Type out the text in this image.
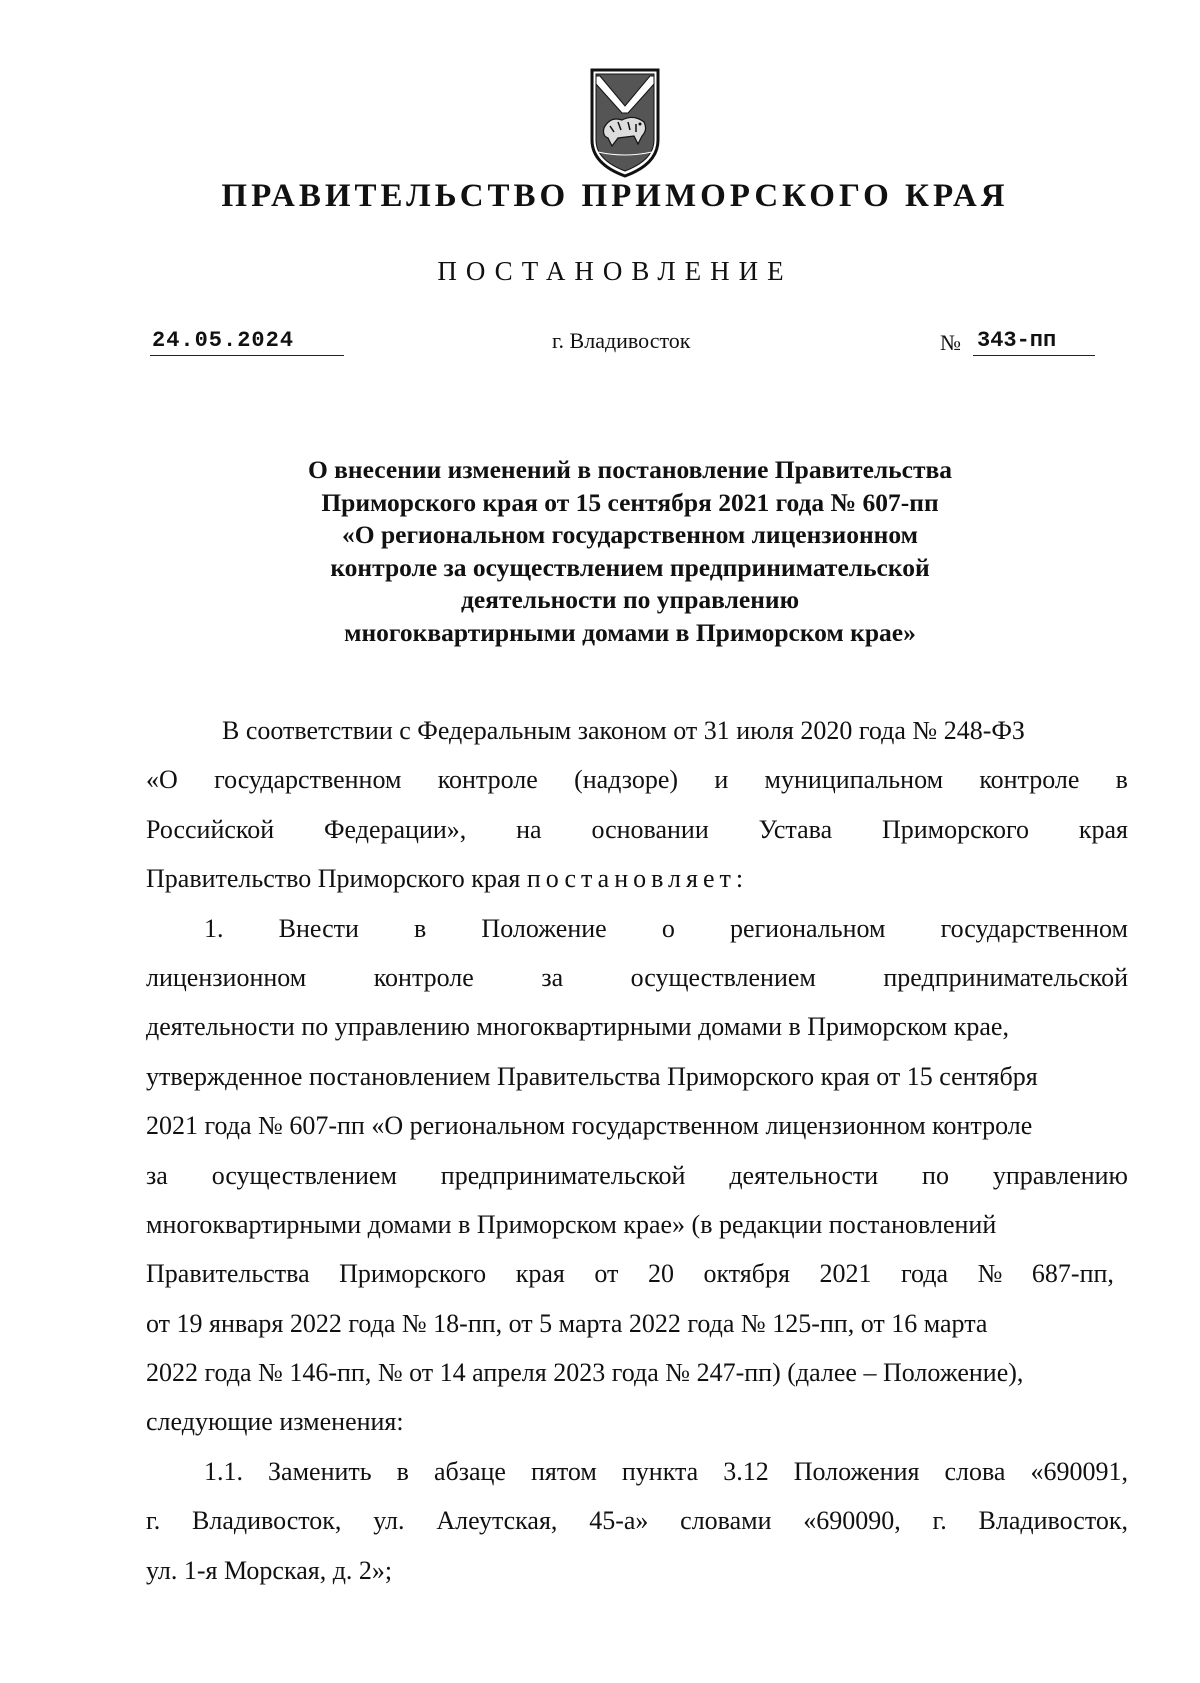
ПРАВИТЕЛЬСТВО ПРИМОРСКОГО КРАЯ
ПОСТАНОВЛЕНИЕ
24.05.2024	г. Владивосток	№ 343-пп
О внесении изменений в постановление Правительства
Приморского края от 15 сентября 2021 года № 607-пп
«О региональном государственном лицензионном
контроле за осуществлением предпринимательской
деятельности по управлению
многоквартирными домами в Приморском крае»
В соответствии с Федеральным законом от 31 июля 2020 года № 248-ФЗ
«О государственном контроле (надзоре) и муниципальном контроле в
Российской Федерации», на основании Устава Приморского края
Правительство Приморского края постановляет:
1. Внести в Положение о региональном государственном
лицензионном	контроле	за	осуществлением	предпринимательской
деятельности по управлению многоквартирными домами в Приморском крае,
утвержденное постановлением Правительства Приморского края от 15 сентября
2021 года № 607-пп «О региональном государственном лицензионном контроле
за осуществлением предпринимательской деятельности по управлению
многоквартирными домами в Приморском крае» (в редакции постановлений
Правительства Приморского края от 20 октября 2021 года № 687-пп,
от 19 января 2022 года № 18-пп, от 5 марта 2022 года № 125-пп, от 16 марта
2022 года № 146-пп, № от 14 апреля 2023 года № 247-пп) (далее – Положение),
следующие изменения:
1.1. Заменить в абзаце пятом пункта 3.12 Положения слова «690091,
г. Владивосток, ул. Алеутская, 45-а» словами «690090, г. Владивосток,
ул. 1-я Морская, д. 2»;
